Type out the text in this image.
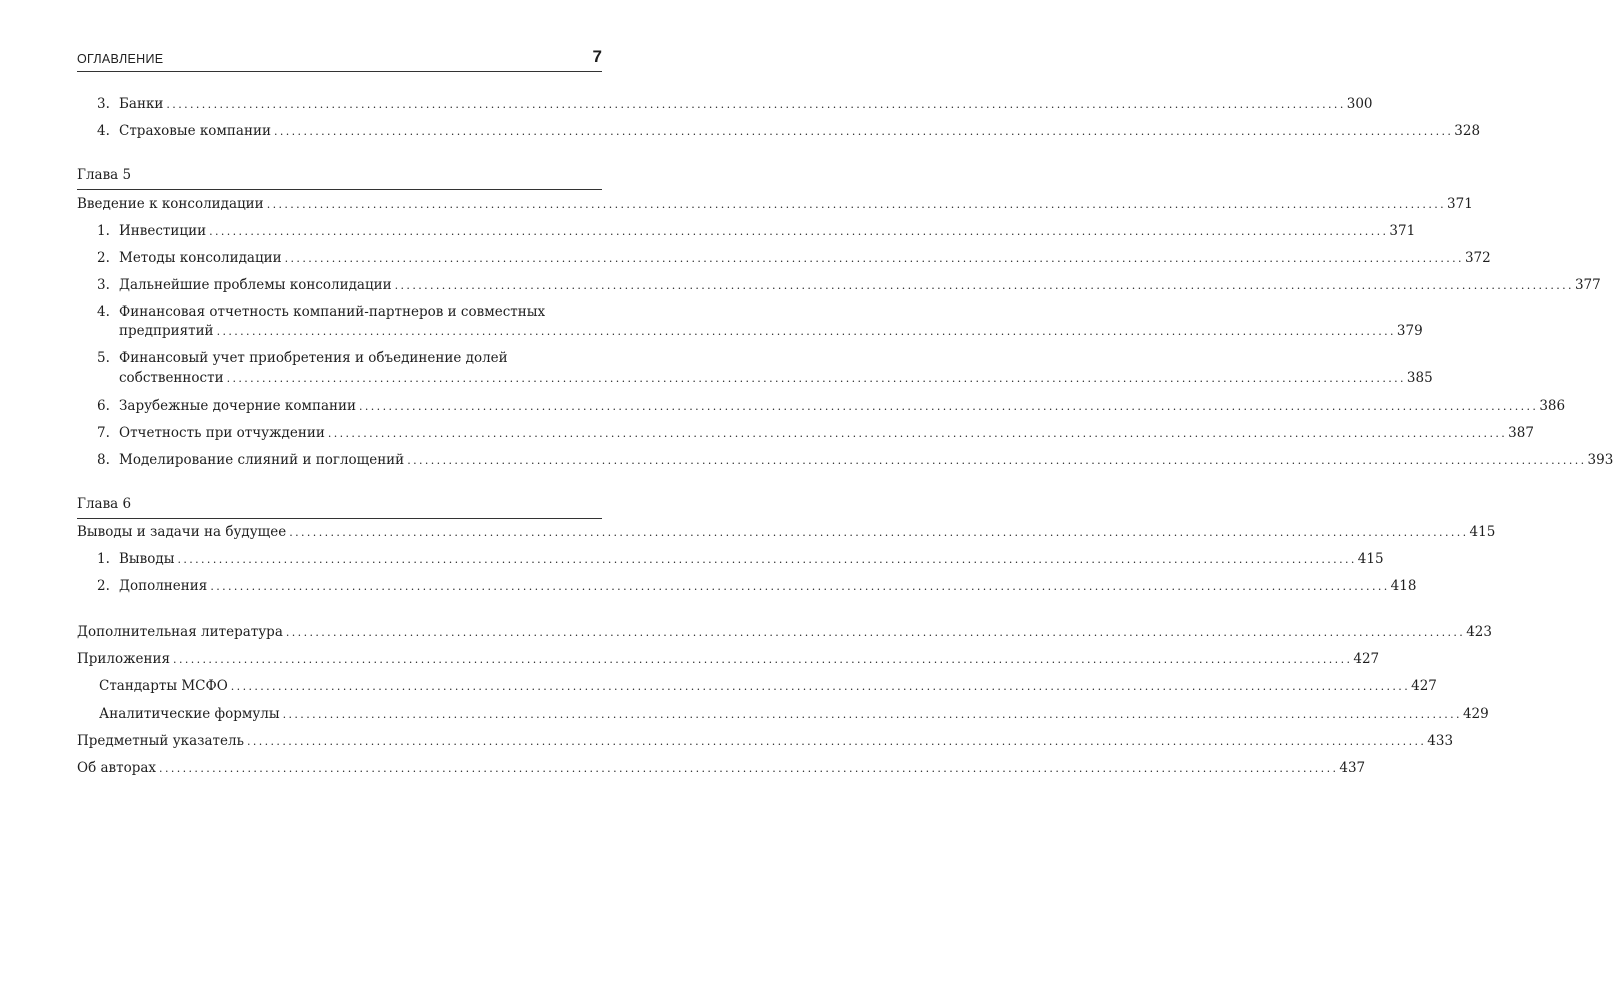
ОГЛАВЛЕНИЕ	7
3. Банки ........................................................................................................................................................................................................ 300
4. Страховые компании ........................................................................................................................................................................................................ 328
Глава 5
Введение к консолидации ........................................................................................................................................................................................................ 371
1. Инвестиции ........................................................................................................................................................................................................ 371
2. Методы консолидации ........................................................................................................................................................................................................ 372
3. Дальнейшие проблемы консолидации ........................................................................................................................................................................................................ 377
Финансовая отчетность компаний-партнеров и совместных
4.
предприятий ........................................................................................................................................................................................................ 379
Финансовый учет приобретения и объединение долей
5.
собственности ........................................................................................................................................................................................................ 385
6. Зарубежные дочерние компании ........................................................................................................................................................................................................ 386
7. Отчетность при отчуждении ........................................................................................................................................................................................................ 387
8. Моделирование слияний и поглощений ........................................................................................................................................................................................................ 393
Глава 6
Выводы и задачи на будущее ........................................................................................................................................................................................................ 415
1. Выводы ........................................................................................................................................................................................................ 415
2. Дополнения ........................................................................................................................................................................................................ 418
Дополнительная литература ........................................................................................................................................................................................................ 423
Приложения ........................................................................................................................................................................................................ 427
Стандарты МСФО ........................................................................................................................................................................................................ 427
Аналитические формулы ........................................................................................................................................................................................................ 429
Предметный указатель ........................................................................................................................................................................................................ 433
Об авторах ........................................................................................................................................................................................................ 437
